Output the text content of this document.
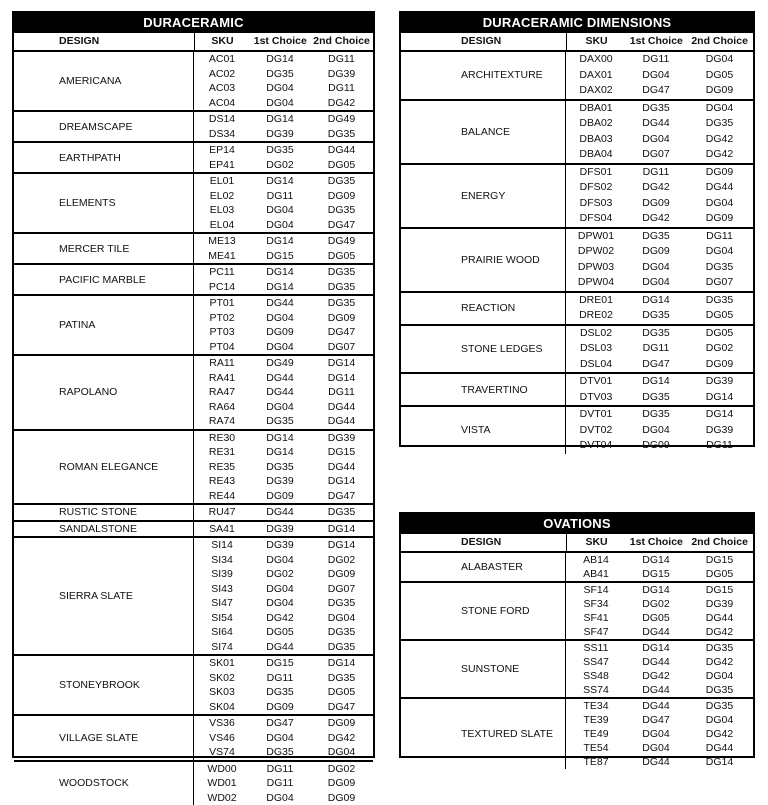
DURACERAMIC
DESIGN	SKU	1st Choice 2nd Choice
AMERICANA
AC01	DG14	DG11
AC02	DG35	DG39
AC03	DG04	DG11
AC04	DG04	DG42
DREAMSCAPE
DS14	DG14	DG49
DS34	DG39	DG35
EARTHPATH
EP14	DG35	DG44
EP41	DG02	DG05
ELEMENTS
EL01	DG14	DG35
EL02	DG11	DG09
EL03	DG04	DG35
EL04	DG04	DG47
MERCER TILE
ME13	DG14	DG49
ME41	DG15	DG05
PACIFIC MARBLE
PC11	DG14	DG35
PC14	DG14	DG35
PATINA
PT01	DG44	DG35
PT02	DG04	DG09
PT03	DG09	DG47
PT04	DG04	DG07
RAPOLANO
RA11	DG49	DG14
RA41	DG44	DG14
RA47	DG44	DG11
RA64	DG04	DG44
RA74	DG35	DG44
ROMAN ELEGANCE
RE30	DG14	DG39
RE31	DG14	DG15
RE35	DG35	DG44
RE43	DG39	DG14
RE44	DG09	DG47
RUSTIC STONE	RU47	DG44	DG35
SANDALSTONE	SA41	DG39	DG14
SIERRA SLATE
SI14	DG39	DG14
SI34	DG04	DG02
SI39	DG02	DG09
SI43	DG04	DG07
SI47	DG04	DG35
SI54	DG42	DG04
SI64	DG05	DG35
SI74	DG44	DG35
STONEYBROOK
SK01	DG15	DG14
SK02	DG11	DG35
SK03	DG35	DG05
SK04	DG09	DG47
VILLAGE SLATE
VS36	DG47	DG09
VS46	DG04	DG42
VS74	DG35	DG04
WOODSTOCK
WD00	DG11	DG02
WD01	DG11	DG09
WD02	DG04	DG09
DURACERAMIC DIMENSIONS
DESIGN	SKU	1st Choice 2nd Choice
ARCHITEXTURE
DAX00	DG11	DG04
DAX01	DG04	DG05
DAX02	DG47	DG09
BALANCE
DBA01	DG35	DG04
DBA02	DG44	DG35
DBA03	DG04	DG42
DBA04	DG07	DG42
ENERGY
DFS01	DG11	DG09
DFS02	DG42	DG44
DFS03	DG09	DG04
DFS04	DG42	DG09
PRAIRIE WOOD
DPW01	DG35	DG11
DPW02	DG09	DG04
DPW03	DG04	DG35
DPW04	DG04	DG07
REACTION
DRE01	DG14	DG35
DRE02	DG35	DG05
STONE LEDGES
DSL02	DG35	DG05
DSL03	DG11	DG02
DSL04	DG47	DG09
TRAVERTINO
DTV01	DG14	DG39
DTV03	DG35	DG14
VISTA
DVT01	DG35	DG14
DVT02	DG04	DG39
DVT04	DG09	DG11
OVATIONS
DESIGN	SKU	1st Choice 2nd Choice
ALABASTER
AB14	DG14	DG15
AB41	DG15	DG05
STONE FORD
SF14	DG14	DG15
SF34	DG02	DG39
SF41	DG05	DG44
SF47	DG44	DG42
SUNSTONE
SS11	DG14	DG35
SS47	DG44	DG42
SS48	DG42	DG04
SS74	DG44	DG35
TEXTURED SLATE
TE34	DG44	DG35
TE39	DG47	DG04
TE49	DG04	DG42
TE54	DG04	DG44
TE87	DG44	DG14
